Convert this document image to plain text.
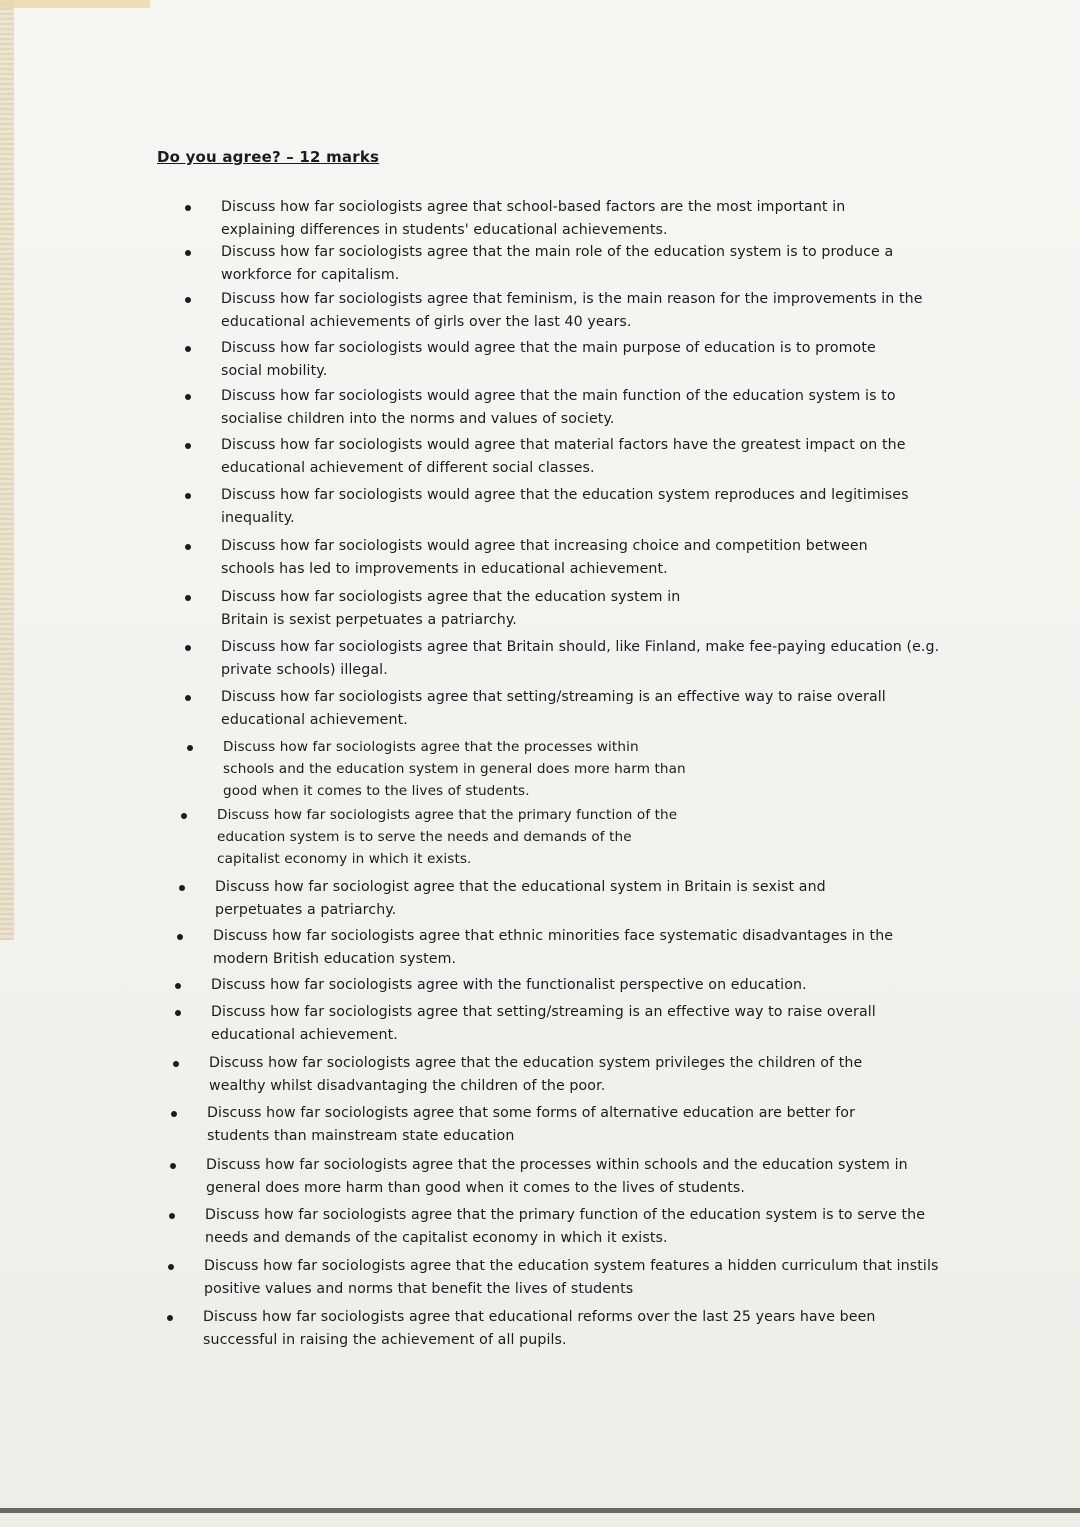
Do you agree? – 12 marks
Discuss how far sociologists agree that school-based factors are the most important in explaining differences in students' educational achievements.
Discuss how far sociologists agree that the main role of the education system is to produce a workforce for capitalism.
Discuss how far sociologists agree that feminism, is the main reason for the improvements in the educational achievements of girls over the last 40 years.
Discuss how far sociologists would agree that the main purpose of education is to promote social mobility.
Discuss how far sociologists would agree that the main function of the education system is to socialise children into the norms and values of society.
Discuss how far sociologists would agree that material factors have the greatest impact on the educational achievement of different social classes.
Discuss how far sociologists would agree that the education system reproduces and legitimises inequality.
Discuss how far sociologists would agree that increasing choice and competition between schools has led to improvements in educational achievement.
Discuss how far sociologists agree that the education system in Britain is sexist perpetuates a patriarchy.
Discuss how far sociologists agree that Britain should, like Finland, make fee-paying education (e.g. private schools) illegal.
Discuss how far sociologists agree that setting/streaming is an effective way to raise overall educational achievement.
Discuss how far sociologists agree that the processes within schools and the education system in general does more harm than good when it comes to the lives of students.
Discuss how far sociologists agree that the primary function of the education system is to serve the needs and demands of the capitalist economy in which it exists.
Discuss how far sociologist agree that the educational system in Britain is sexist and perpetuates a patriarchy.
Discuss how far sociologists agree that ethnic minorities face systematic disadvantages in the modern British education system.
Discuss how far sociologists agree with the functionalist perspective on education.
Discuss how far sociologists agree that setting/streaming is an effective way to raise overall educational achievement.
Discuss how far sociologists agree that the education system privileges the children of the wealthy whilst disadvantaging the children of the poor.
Discuss how far sociologists agree that some forms of alternative education are better for students than mainstream state education
Discuss how far sociologists agree that the processes within schools and the education system in general does more harm than good when it comes to the lives of students.
Discuss how far sociologists agree that the primary function of the education system is to serve the needs and demands of the capitalist economy in which it exists.
Discuss how far sociologists agree that the education system features a hidden curriculum that instils positive values and norms that benefit the lives of students
Discuss how far sociologists agree that educational reforms over the last 25 years have been successful in raising the achievement of all pupils.
